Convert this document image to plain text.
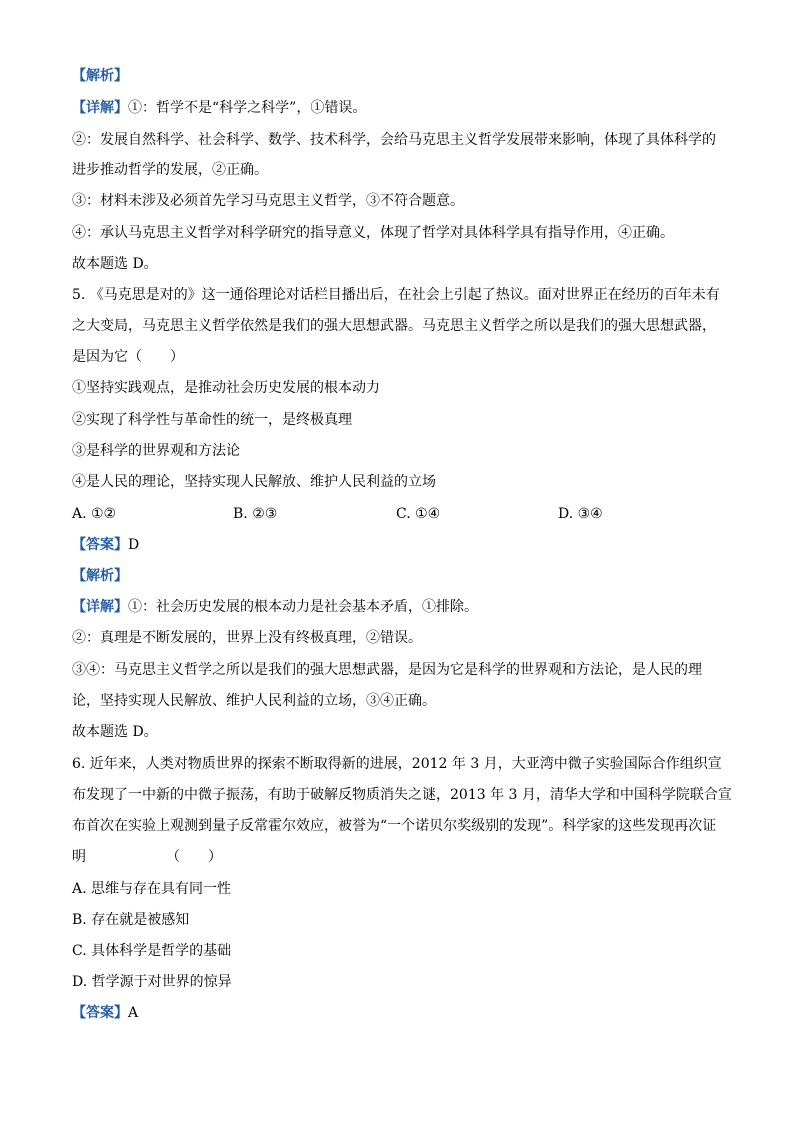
【解析】
【详解】①：哲学不是“科学之科学”，①错误。
②：发展自然科学、社会科学、数学、技术科学，会给马克思主义哲学发展带来影响，体现了具体科学的
进步推动哲学的发展，②正确。
③：材料未涉及必须首先学习马克思主义哲学，③不符合题意。
④：承认马克思主义哲学对科学研究的指导意义，体现了哲学对具体科学具有指导作用，④正确。
故本题选 D。
5. 《马克思是对的》这一通俗理论对话栏目播出后，在社会上引起了热议。面对世界正在经历的百年未有
之大变局，马克思主义哲学依然是我们的强大思想武器。马克思主义哲学之所以是我们的强大思想武器，
是因为它（　　）
①坚持实践观点，是推动社会历史发展的根本动力
②实现了科学性与革命性的统一，是终极真理
③是科学的世界观和方法论
④是人民的理论，坚持实现人民解放、维护人民利益的立场
A. ①②	B. ②③	C. ①④	D. ③④
【答案】D
【解析】
【详解】①：社会历史发展的根本动力是社会基本矛盾，①排除。
②：真理是不断发展的，世界上没有终极真理，②错误。
③④：马克思主义哲学之所以是我们的强大思想武器，是因为它是科学的世界观和方法论，是人民的理
论，坚持实现人民解放、维护人民利益的立场，③④正确。
故本题选 D。
6. 近年来，人类对物质世界的探索不断取得新的进展，2012 年 3 月，大亚湾中微子实验国际合作组织宣
布发现了一中新的中微子振荡，有助于破解反物质消失之谜，2013 年 3 月，清华大学和中国科学院联合宣
布首次在实验上观测到量子反常霍尔效应，被誉为“一个诺贝尔奖级别的发现”。科学家的这些发现再次证
明	（　　）
A. 思维与存在具有同一性
B. 存在就是被感知
C. 具体科学是哲学的基础
D. 哲学源于对世界的惊异
【答案】A
